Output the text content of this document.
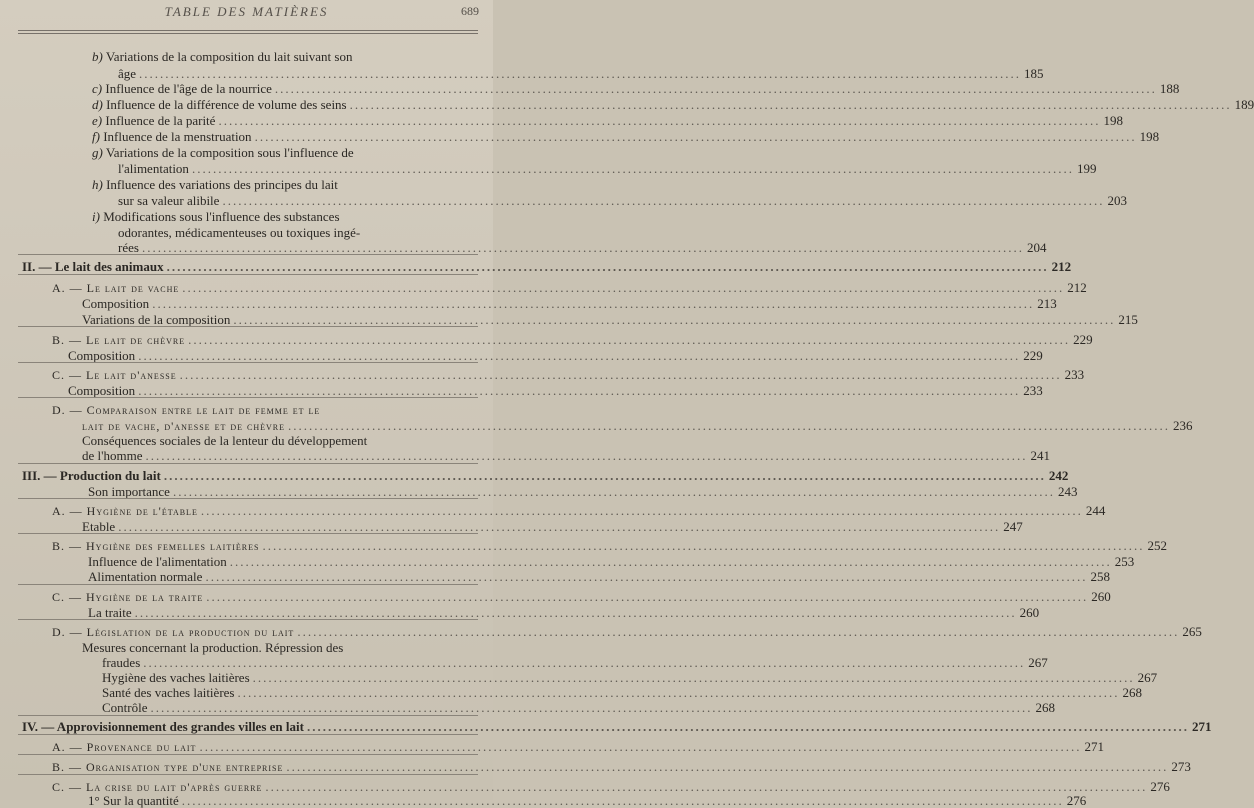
TABLE DES MATIÈRES	689
b) Variations de la composition du lait suivant son
âge .....	185
c) Influence de l'âge de la nourrice .....	188
d) Influence de la différence de volume des seins .....	189
e) Influence de la parité .....	198
f) Influence de la menstruation .....	198
g) Variations de la composition sous l'influence de
l'alimentation .....	199
h) Influence des variations des principes du lait
sur sa valeur alibile .....	203
i) Modifications sous l'influence des substances
odorantes, médicamenteuses ou toxiques ingé-
rées .....	204
II. — Le lait des animaux .....	212
A. — Le lait de vache .....	212
Composition .....	213
Variations de la composition .....	215
B. — Le lait de chèvre .....	229
Composition .....	229
C. — Le lait d'anesse .....	233
Composition .....	233
D. — Comparaison entre le lait de femme et le
lait de vache, d'anesse et de chèvre .....	236
Conséquences sociales de la lenteur du développement
de l'homme .....	241
III. — Production du lait .....	242
Son importance .....	243
A. — Hygiène de l'étable .....	244
Etable .....	247
B. — Hygiène des femelles laitières .....	252
Influence de l'alimentation .....	253
Alimentation normale .....	258
C. — Hygiène de la traite .....	260
La traite .....	260
D. — Législation de la production du lait .....	265
Mesures concernant la production. Répression des
fraudes .....	267
Hygiène des vaches laitières .....	267
Santé des vaches laitières .....	268
Contrôle .....	268
IV. — Approvisionnement des grandes villes en lait .....	271
A. — Provenance du lait .....	271
B. — Organisation type d'une entreprise .....	273
C. — La crise du lait d'après guerre .....	276
1° Sur la quantité .....	276
